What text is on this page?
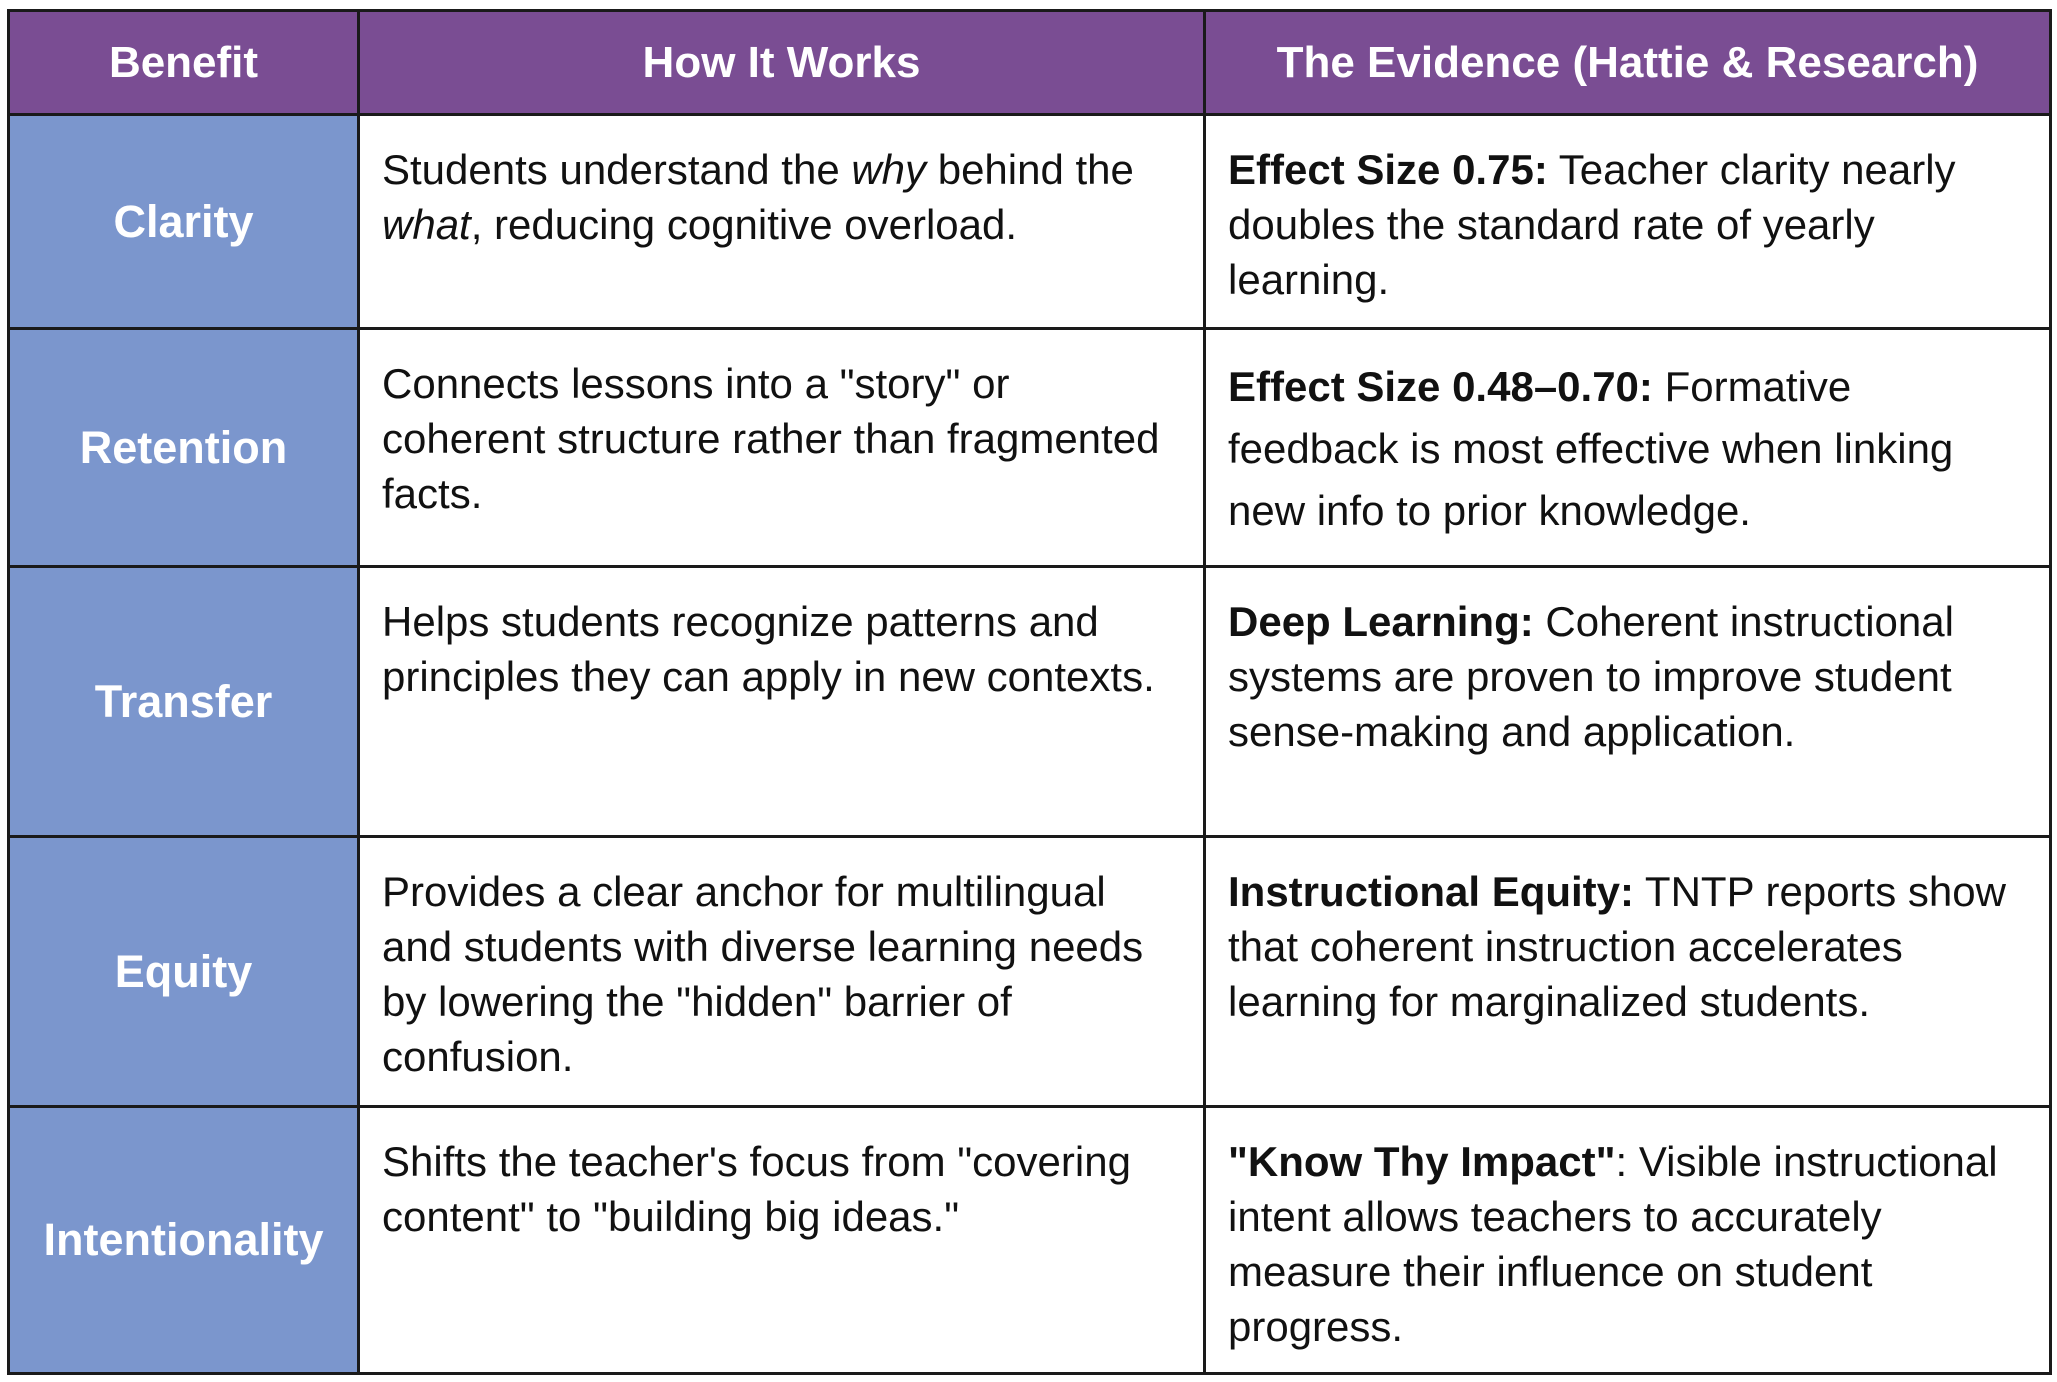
Benefit	How It Works	The Evidence (Hattie & Research)
Clarity	Students understand the why behind the what, reducing cognitive overload.	Effect Size 0.75: Teacher clarity nearly doubles the standard rate of yearly learning.
Retention	Connects lessons into a "story" or coherent structure rather than fragmented facts.	Effect Size 0.48–0.70: Formative feedback is most effective when linking new info to prior knowledge.
Transfer	Helps students recognize patterns and principles they can apply in new contexts.	Deep Learning: Coherent instructional systems are proven to improve student sense-making and application.
Equity	Provides a clear anchor for multilingual and students with diverse learning needs by lowering the "hidden" barrier of confusion.	Instructional Equity: TNTP reports show that coherent instruction accelerates learning for marginalized students.
Intentionality	Shifts the teacher's focus from "covering content" to "building big ideas."	"Know Thy Impact": Visible instructional intent allows teachers to accurately measure their influence on student progress.
